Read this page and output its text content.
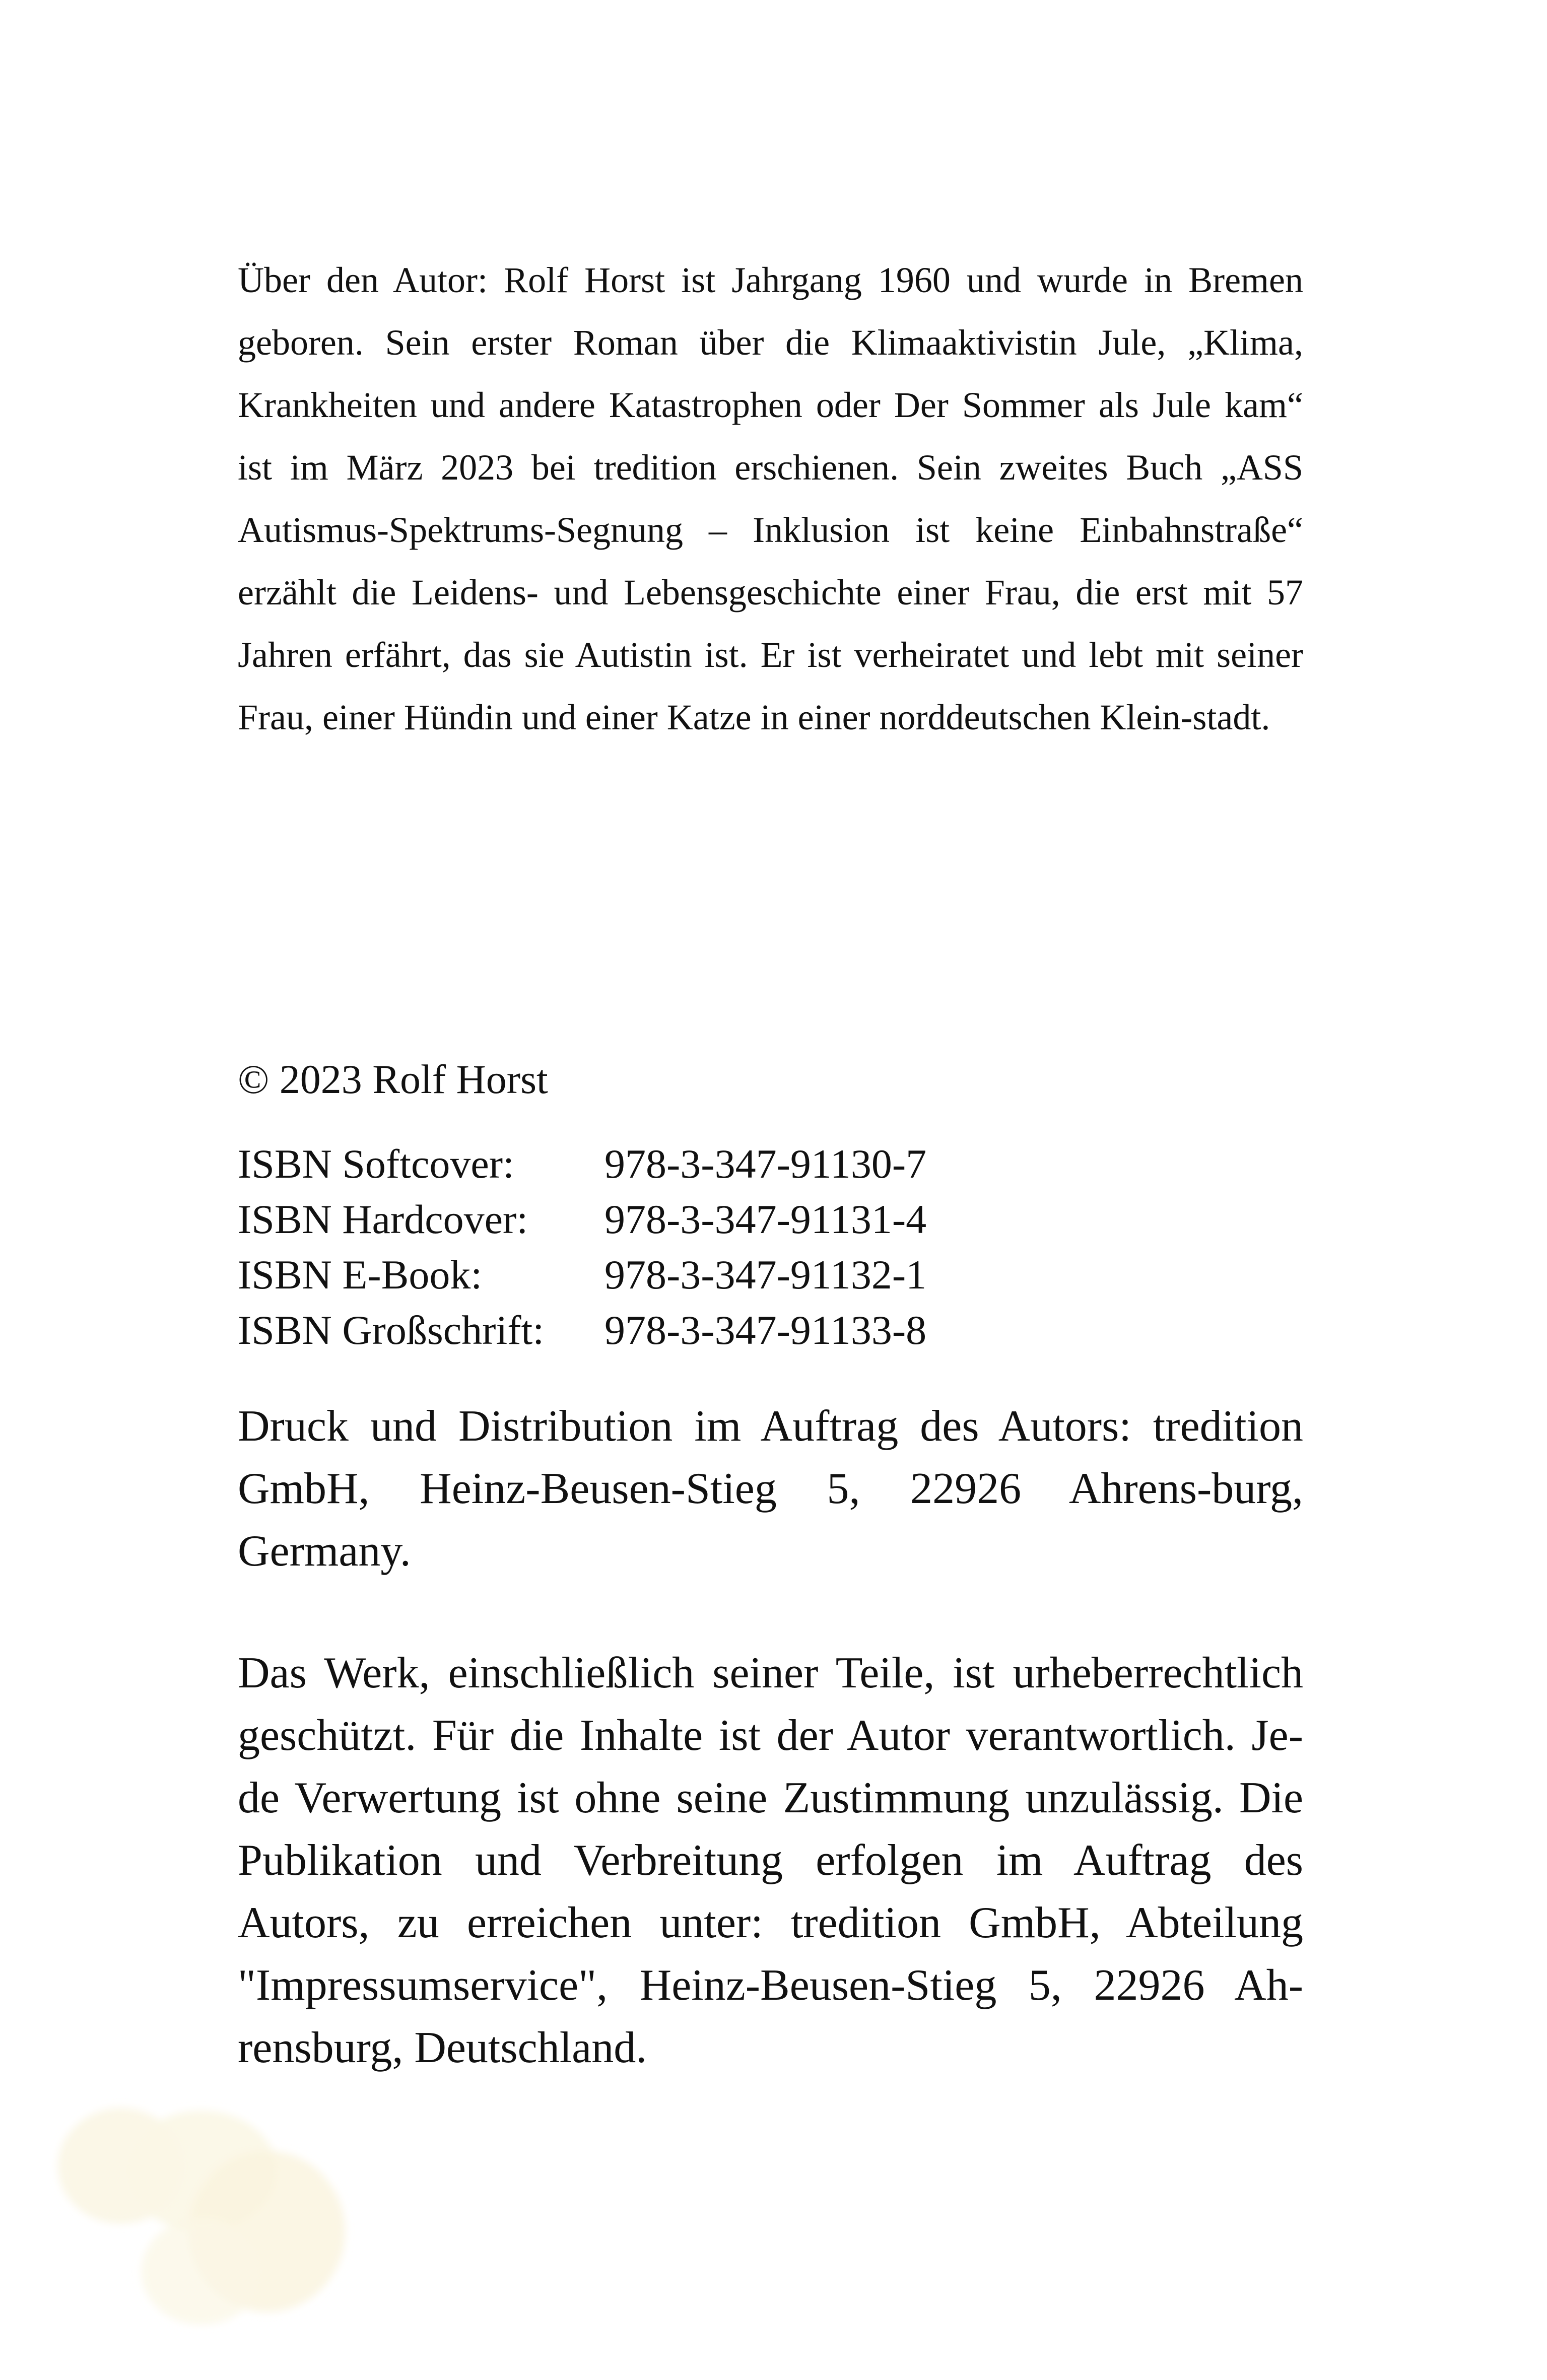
Über den Autor: Rolf Horst ist Jahrgang 1960 und wurde in Bremen geboren. Sein erster Roman über die Klimaaktivistin Jule, „Klima, Krankheiten und andere Katastrophen oder Der Sommer als Jule kam“ ist im März 2023 bei tredition erschienen. Sein zweites Buch „ASS Autismus-Spektrums-Segnung – Inklusion ist keine Einbahnstraße“ erzählt die Leidens- und Lebensgeschichte einer Frau, die erst mit 57 Jahren erfährt, das sie Autistin ist. Er ist verheiratet und lebt mit seiner Frau, einer Hündin und einer Katze in einer norddeutschen Klein-stadt.

© 2023 Rolf Horst

ISBN Softcover:	978-3-347-91130-7
ISBN Hardcover:	978-3-347-91131-4
ISBN E-Book:	978-3-347-91132-1
ISBN Großschrift:	978-3-347-91133-8

Druck und Distribution im Auftrag des Autors: tredition GmbH, Heinz-Beusen-Stieg 5, 22926 Ahrens-burg, Germany.

Das Werk, einschließlich seiner Teile, ist urheberrechtlich geschützt. Für die Inhalte ist der Autor verantwortlich. Je-de Verwertung ist ohne seine Zustimmung unzulässig. Die Publikation und Verbreitung erfolgen im Auftrag des Autors, zu erreichen unter: tredition GmbH, Abteilung "Impressumservice", Heinz-Beusen-Stieg 5, 22926 Ah-rensburg, Deutschland.
